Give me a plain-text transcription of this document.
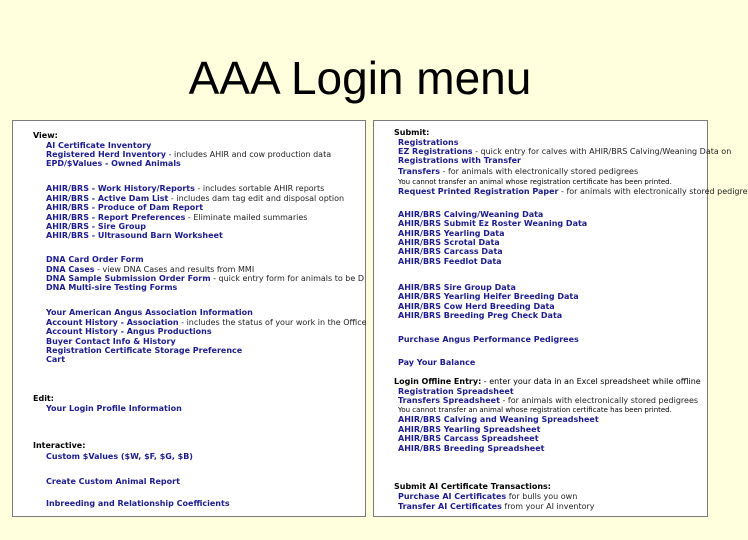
AAA Login menu
View:
AI Certificate Inventory
Registered Herd Inventory - includes AHIR and cow production data
EPD/$Values - Owned Animals
AHIR/BRS - Work History/Reports - includes sortable AHIR reports
AHIR/BRS - Active Dam List - includes dam tag edit and disposal option
AHIR/BRS - Produce of Dam Report
AHIR/BRS - Report Preferences - Eliminate mailed summaries
AHIR/BRS - Sire Group
AHIR/BRS - Ultrasound Barn Worksheet
DNA Card Order Form
DNA Cases - view DNA Cases and results from MMI
DNA Sample Submission Order Form - quick entry form for animals to be D
DNA Multi-sire Testing Forms
Your American Angus Association Information
Account History - Association - includes the status of your work in the Office
Account History - Angus Productions
Buyer Contact Info & History
Registration Certificate Storage Preference
Cart
Edit:
Your Login Profile Information
Interactive:
Custom $Values ($W, $F, $G, $B)
Create Custom Animal Report
Inbreeding and Relationship Coefficients
Submit:
Registrations
EZ Registrations - quick entry for calves with AHIR/BRS Calving/Weaning Data on
Registrations with Transfer
Transfers - for animals with electronically stored pedigrees
You cannot transfer an animal whose registration certificate has been printed.
Request Printed Registration Paper - for animals with electronically stored pedigre
AHIR/BRS Calving/Weaning Data
AHIR/BRS Submit Ez Roster Weaning Data
AHIR/BRS Yearling Data
AHIR/BRS Scrotal Data
AHIR/BRS Carcass Data
AHIR/BRS Feedlot Data
AHIR/BRS Sire Group Data
AHIR/BRS Yearling Heifer Breeding Data
AHIR/BRS Cow Herd Breeding Data
AHIR/BRS Breeding Preg Check Data
Purchase Angus Performance Pedigrees
Pay Your Balance
Login Offline Entry: - enter your data in an Excel spreadsheet while offline
Registration Spreadsheet
Transfers Spreadsheet - for animals with electronically stored pedigrees
You cannot transfer an animal whose registration certificate has been printed.
AHIR/BRS Calving and Weaning Spreadsheet
AHIR/BRS Yearling Spreadsheet
AHIR/BRS Carcass Spreadsheet
AHIR/BRS Breeding Spreadsheet
Submit AI Certificate Transactions:
Purchase AI Certificates for bulls you own
Transfer AI Certificates from your AI inventory
